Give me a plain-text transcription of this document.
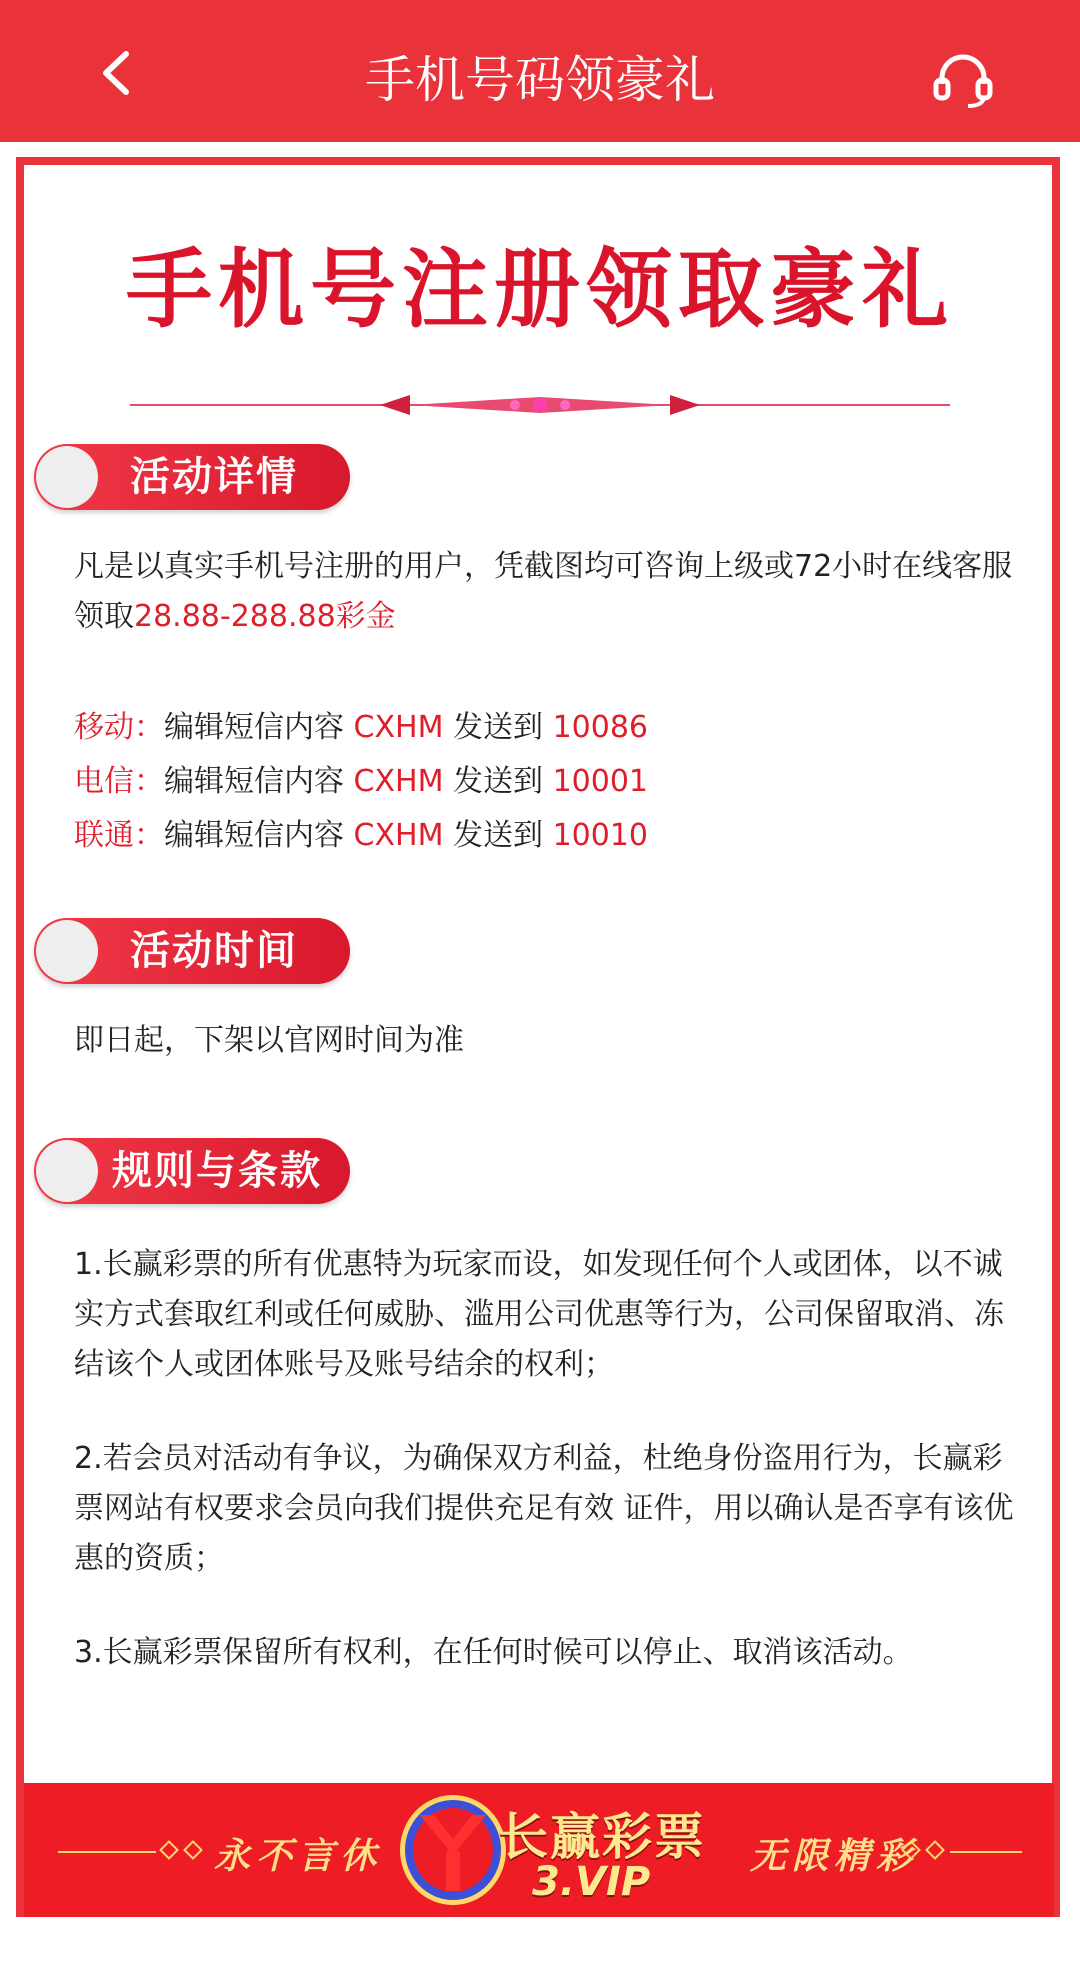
手机号码领豪礼
手机号注册领取豪礼
活动详情
凡是以真实手机号注册的用户，凭截图均可咨询上级或72小时在线客服领取28.88-288.88彩金
移动：编辑短信内容 CXHM 发送到 10086
电信：编辑短信内容 CXHM 发送到 10001
联通：编辑短信内容 CXHM 发送到 10010
活动时间
即日起，下架以官网时间为准
规则与条款
1.长赢彩票的所有优惠特为玩家而设，如发现任何个人或团体，以不诚实方式套取红利或任何威胁、滥用公司优惠等行为，公司保留取消、冻结该个人或团体账号及账号结余的权利；
2.若会员对活动有争议，为确保双方利益，杜绝身份盗用行为，长赢彩票网站有权要求会员向我们提供充足有效 证件，用以确认是否享有该优惠的资质；
3.长赢彩票保留所有权利，在任何时候可以停止、取消该活动。
永不言休 长赢彩票
3.VIP
无限精彩
